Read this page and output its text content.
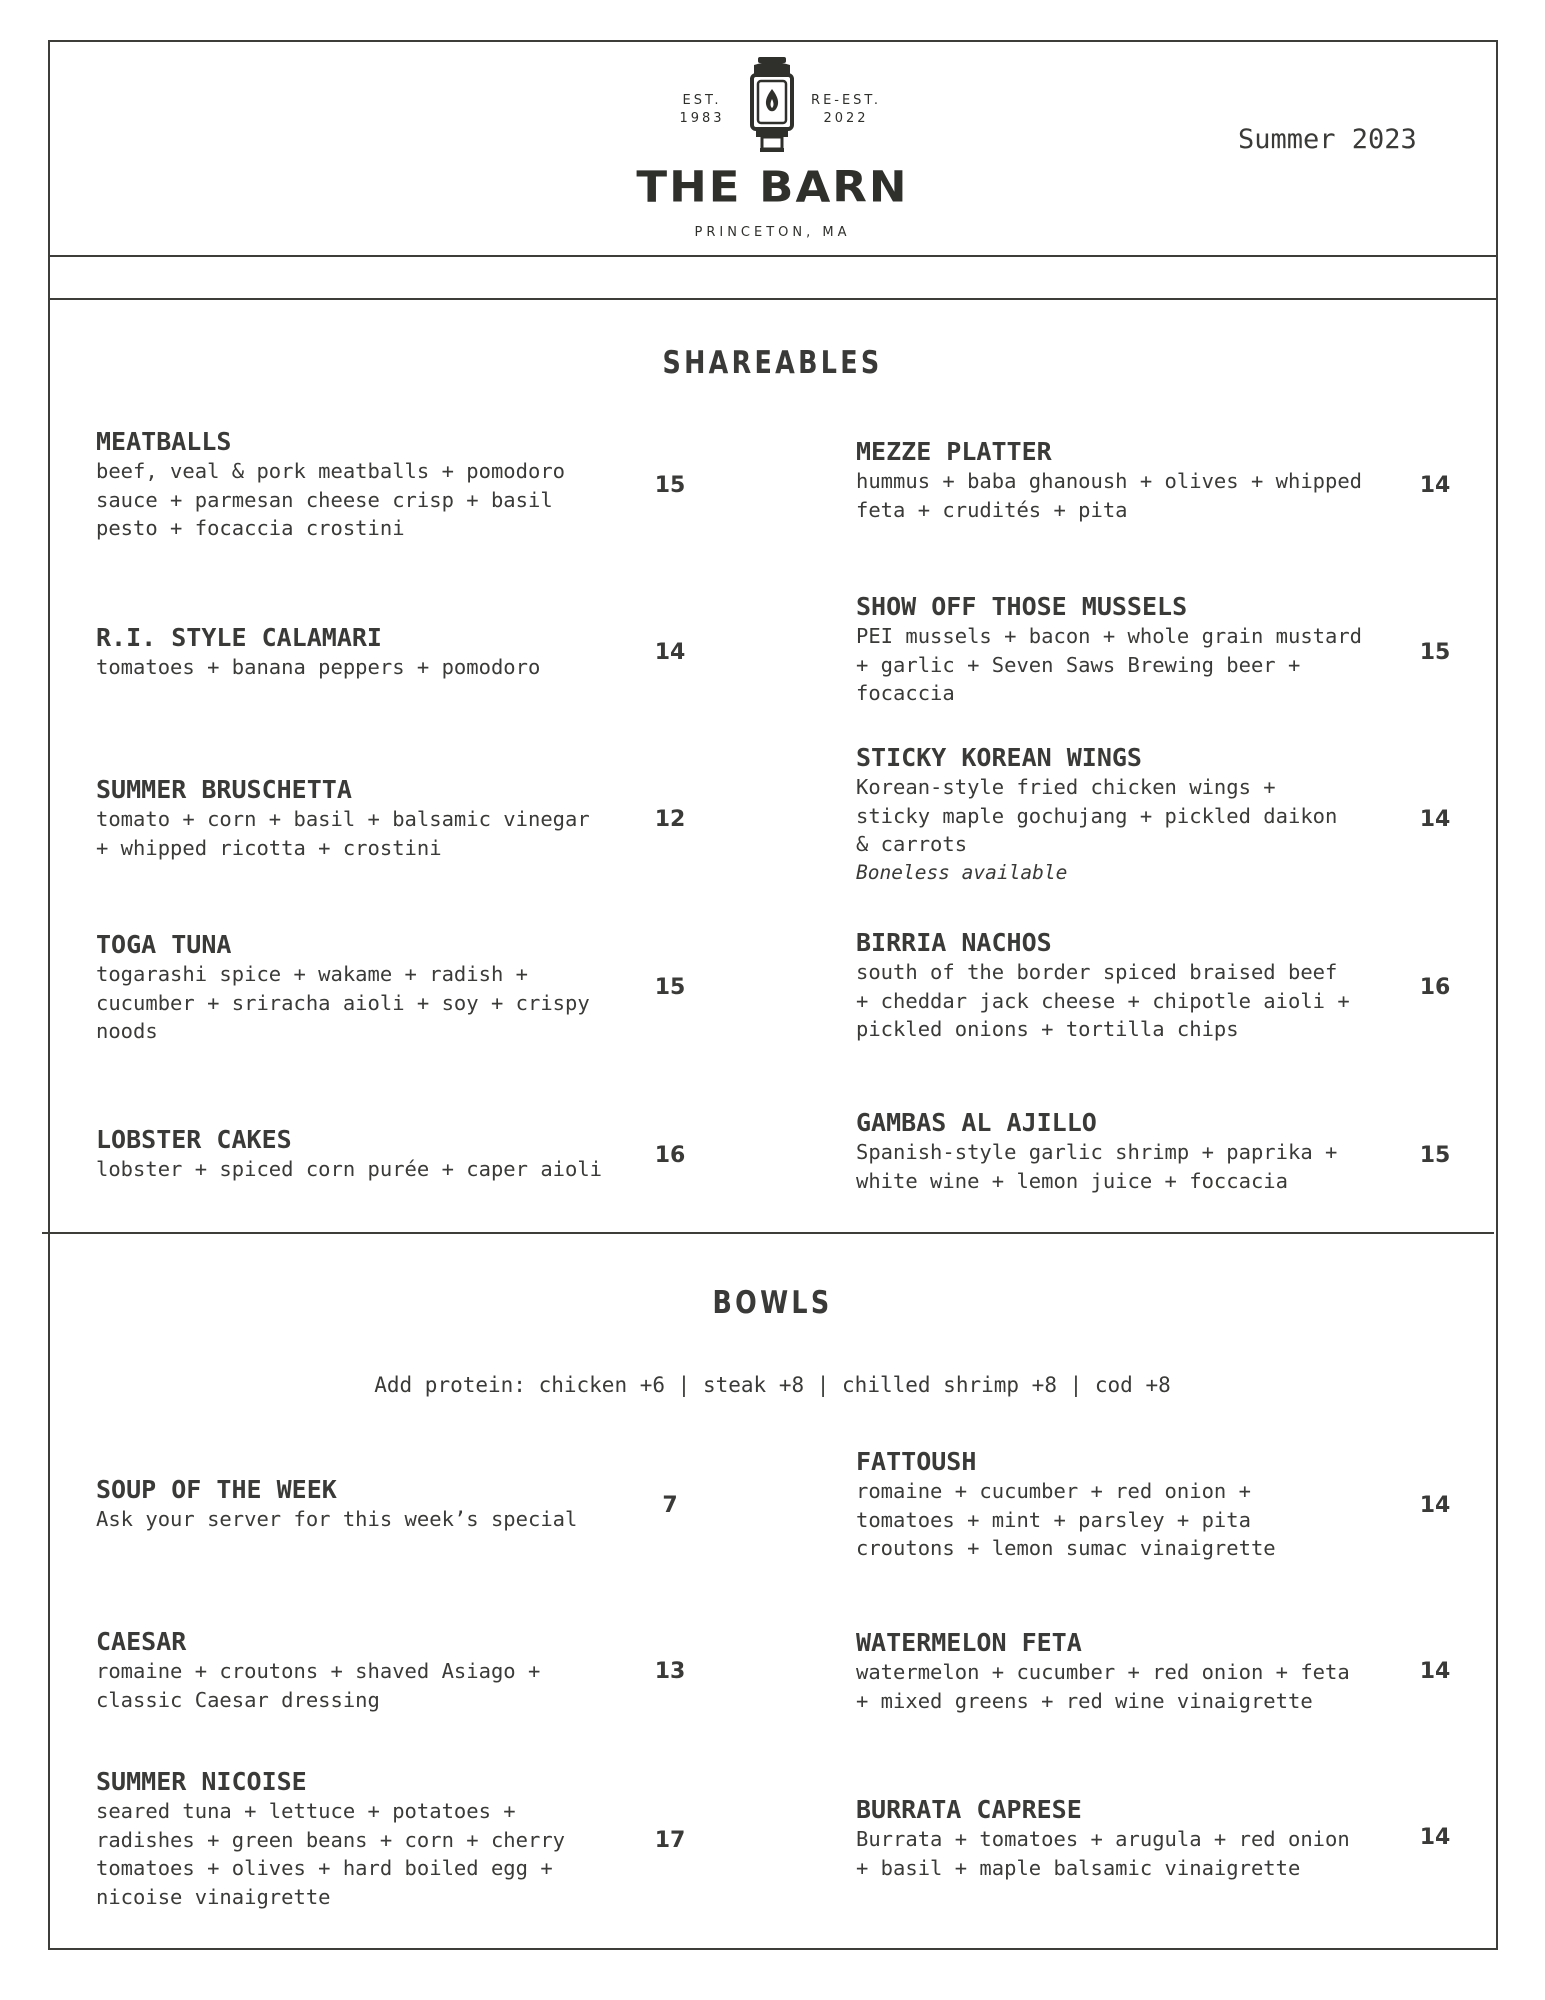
EST.
1983
RE-EST.
2022
THE BARN
PRINCETON, MA
Summer 2023
SHAREABLES
MEATBALLS
beef, veal & pork meatballs + pomodoro
sauce + parmesan cheese crisp + basil
pesto + focaccia crostini
15
R.I. STYLE CALAMARI
tomatoes + banana peppers + pomodoro
14
SUMMER BRUSCHETTA
tomato + corn + basil + balsamic vinegar
+ whipped ricotta + crostini
12
TOGA TUNA
togarashi spice + wakame + radish +
cucumber + sriracha aioli + soy + crispy
noods
15
LOBSTER CAKES
lobster + spiced corn purée + caper aioli
16
MEZZE PLATTER
hummus + baba ghanoush + olives + whipped
feta + crudités + pita
14
SHOW OFF THOSE MUSSELS
PEI mussels + bacon + whole grain mustard
+ garlic + Seven Saws Brewing beer +
focaccia
15
STICKY KOREAN WINGS
Korean-style fried chicken wings +
sticky maple gochujang + pickled daikon
& carrots
Boneless available
14
BIRRIA NACHOS
south of the border spiced braised beef
+ cheddar jack cheese + chipotle aioli +
pickled onions + tortilla chips
16
GAMBAS AL AJILLO
Spanish-style garlic shrimp + paprika +
white wine + lemon juice + foccacia
15
BOWLS
Add protein: chicken +6 | steak +8 | chilled shrimp +8 | cod +8
SOUP OF THE WEEK
Ask your server for this week’s special
7
CAESAR
romaine + croutons + shaved Asiago +
classic Caesar dressing
13
SUMMER NICOISE
seared tuna + lettuce + potatoes +
radishes + green beans + corn + cherry
tomatoes + olives + hard boiled egg +
nicoise vinaigrette
17
FATTOUSH
romaine + cucumber + red onion +
tomatoes + mint + parsley + pita
croutons + lemon sumac vinaigrette
14
WATERMELON FETA
watermelon + cucumber + red onion + feta
+ mixed greens + red wine vinaigrette
14
BURRATA CAPRESE
Burrata + tomatoes + arugula + red onion
+ basil + maple balsamic vinaigrette
14
